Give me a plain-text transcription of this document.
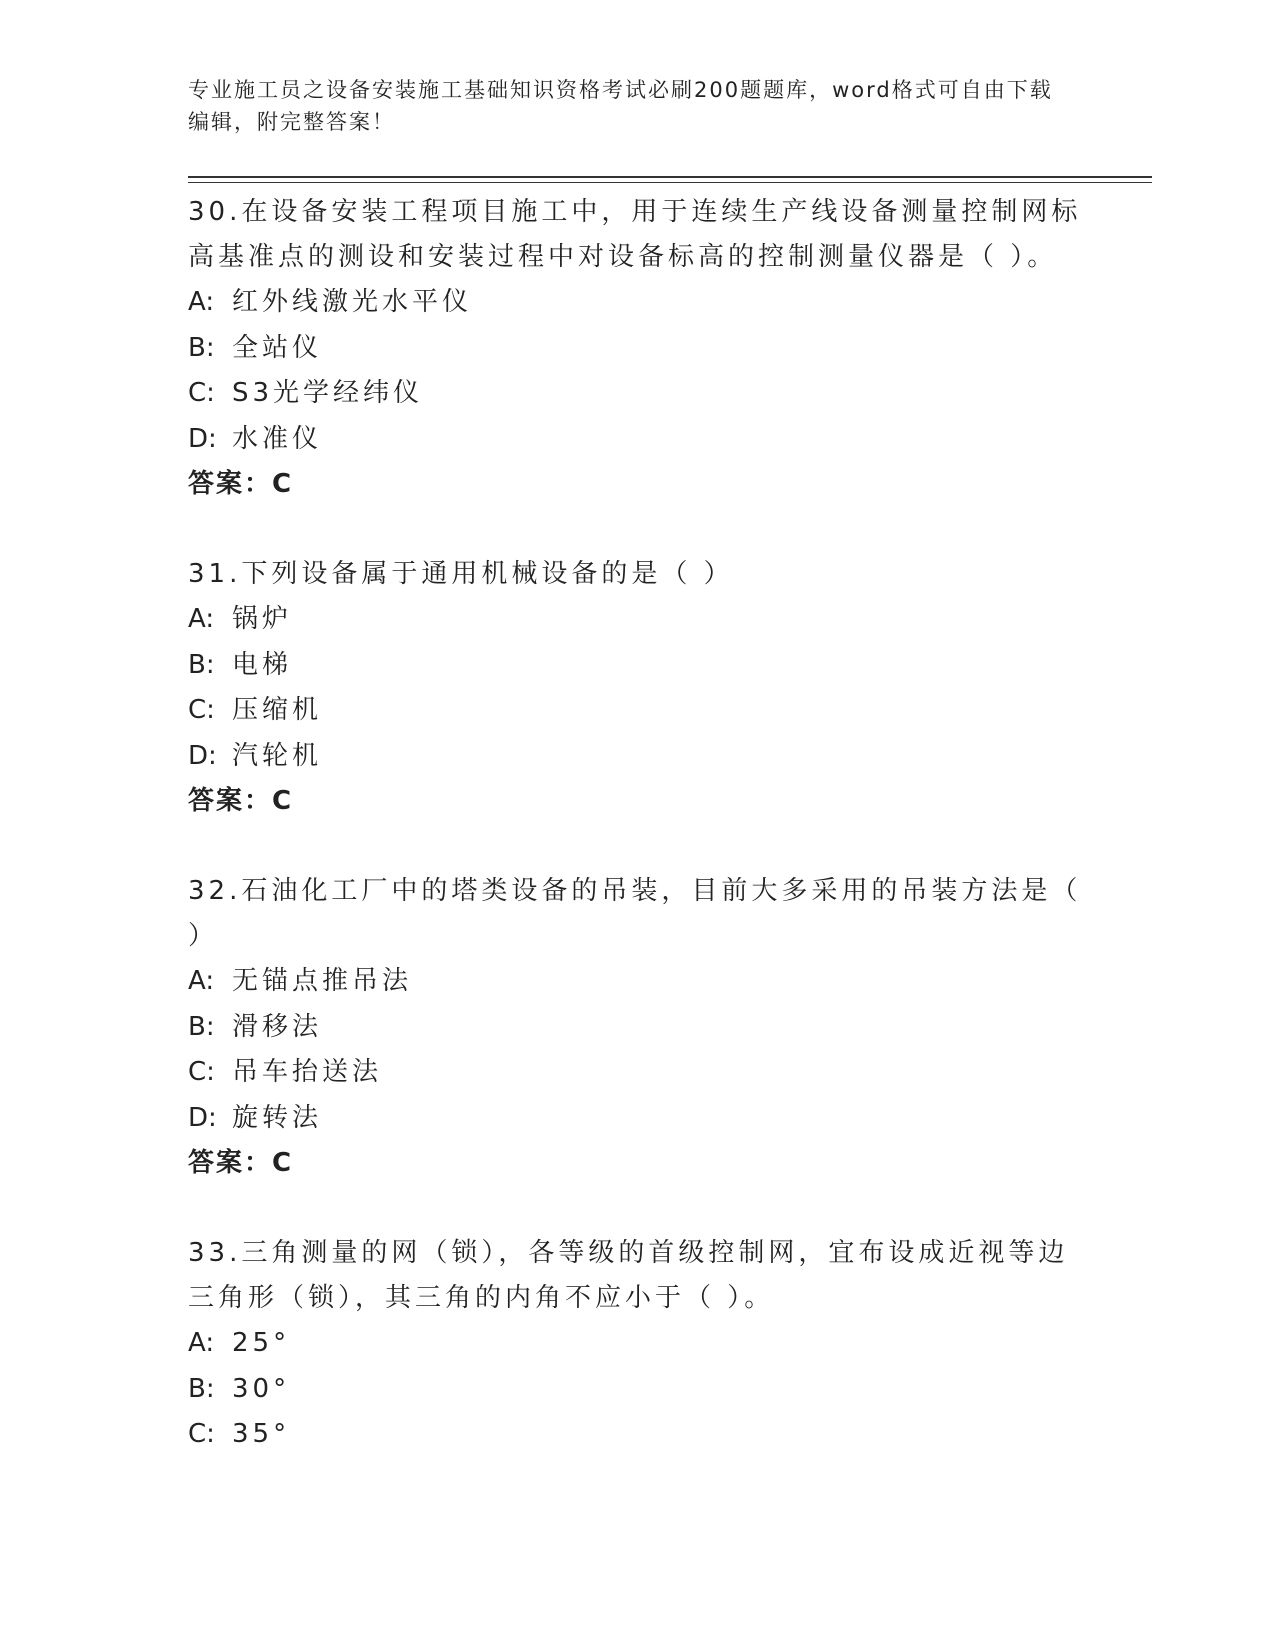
专业施工员之设备安装施工基础知识资格考试必刷200题题库，word格式可自由下载编辑，附完整答案！

30.在设备安装工程项目施工中，用于连续生产线设备测量控制网标高基准点的测设和安装过程中对设备标高的控制测量仪器是（ ）。

A: 红外线激光水平仪

B: 全站仪

C: S3光学经纬仪

D: 水准仪

答案：C

31.下列设备属于通用机械设备的是（ ）

A: 锅炉

B: 电梯

C: 压缩机

D: 汽轮机

答案：C

32.石油化工厂中的塔类设备的吊装，目前大多采用的吊装方法是（ ）

A: 无锚点推吊法

B: 滑移法

C: 吊车抬送法

D: 旋转法

答案：C

33.三角测量的网（锁），各等级的首级控制网，宜布设成近视等边三角形（锁），其三角的内角不应小于（ ）。

A: 25°

B: 30°

C: 35°
